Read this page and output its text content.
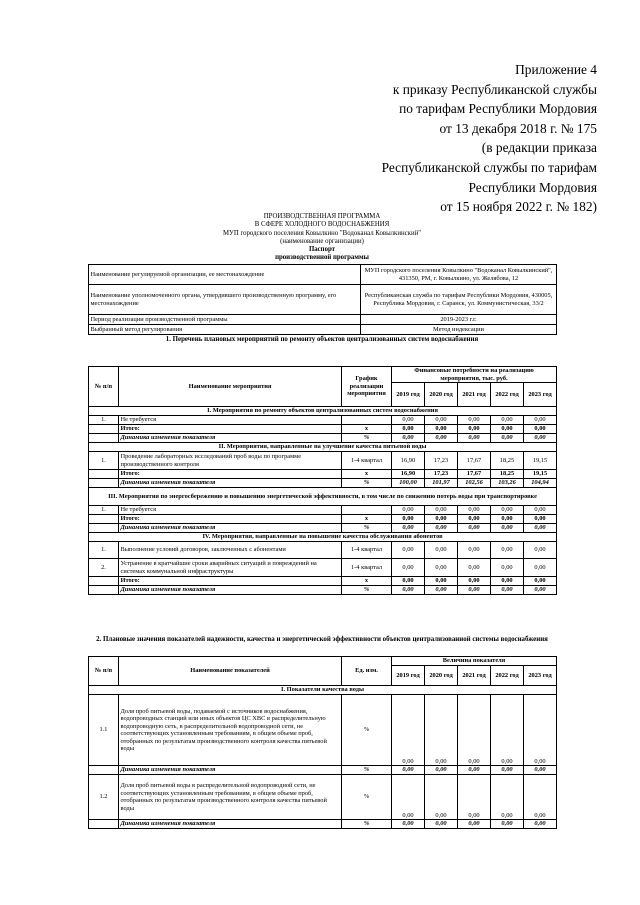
Приложение 4
к приказу Республиканской службы
по тарифам Республики Мордовия
от 13 декабря 2018 г. № 175
(в редакции приказа
Республиканской службы по тарифам
Республики Мордовия
от 15 ноября 2022 г. № 182)
ПРОИЗВОДСТВЕННАЯ ПРОГРАММА
В СФЕРЕ ХОЛОДНОГО ВОДОСНАБЖЕНИЯ
МУП городского поселения Ковылкино "Водоканал Ковылкинский"
(наименование организации)
Паспорт
производственной программы
Наименование регулируемой организации, ее местонахождение	МУП городского поселения Ковылкино "Водоканал Ковылкинский", 431350, РМ, г. Ковылкино, ул. Желябова, 12
Наименование уполномоченного органа, утвердившего производственную программу, его местонахождение	Республиканская служба по тарифам Республики Мордовия, 430005, Республика Мордовия, г. Саранск, ул. Коммунистическая, 33/2
Период реализации производственной программы	2019-2023 г.г.
Выбранный метод регулирования	Метод индексации
1. Перечень плановых мероприятий по ремонту объектов централизованных систем водоснабжения
№ п/п	Наименование мероприятия	График реализации мероприятия	Финансовые потребности на реализацию мероприятия, тыс. руб.				
			2019 год	2020 год	2021 год	2022 год	2023 год
I. Мероприятия по ремонту объектов централизованных систем водоснабжения							
1.	Не требуется		0,00	0,00	0,00	0,00	0,00
	Итого:	х	0,00	0,00	0,00	0,00	0,00
	Динамика изменения показателя	%	0,00	0,00	0,00	0,00	0,00
II. Мероприятия, направленные на улучшение качества питьевой воды							
1.	Проведение лабораторных исследований проб воды по программе производственного контроля	1-4 квартал	16,90	17,23	17,67	18,25	19,15
	Итого:	х	16,90	17,23	17,67	18,25	19,15
	Динамика изменения показателя	%	100,00	101,97	102,56	103,26	104,94
III. Мероприятия по энергосбережению и повышению энергетической эффективности, в том числе по снижению потерь воды при транспортировке							
1.	Не требуется		0,00	0,00	0,00	0,00	0,00
	Итого:	х	0,00	0,00	0,00	0,00	0,00
	Динамика изменения показателя	%	0,00	0,00	0,00	0,00	0,00
IV. Мероприятия, направленные на повышение качества обслуживания абонентов							
1.	Выполнение условий договоров, заключенных с абонентами	1-4 квартал	0,00	0,00	0,00	0,00	0,00
2.	Устранение в кратчайшие сроки аварийных ситуаций и повреждений на системах коммунальной инфраструктуры	1-4 квартал	0,00	0,00	0,00	0,00	0,00
	Итого:	х	0,00	0,00	0,00	0,00	0,00
	Динамика изменения показателя	%	0,00	0,00	0,00	0,00	0,00
2. Плановые значения показателей надежности, качества и энергетической эффективности объектов централизованной системы водоснабжения
№ п/п	Наименование показателей	Ед. изм.	Величина показателя				
			2019 год	2020 год	2021 год	2022 год	2023 год
I. Показатели качества воды							
1.1	Доля проб питьевой воды, подаваемой с источников водоснабжения, водопроводных станций или иных объектов ЦС ХВС в распределительную водопроводную сеть, в распределительной водопроводной сети, не соответствующих установленным требованиям, в общем объеме проб, отобранных по результатам производственного контроля качества питьевой воды	%	0,00	0,00	0,00	0,00	0,00
	Динамика изменения показателя	%	0,00	0,00	0,00	0,00	0,00
1.2	Доля проб питьевой воды в распределительной водопроводной сети, не соответствующих установленным требованиям, в общем объеме проб, отобранных по результатам производственного контроля качества питьевой воды	%	0,00	0,00	0,00	0,00	0,00
	Динамика изменения показателя	%	0,00	0,00	0,00	0,00	0,00
